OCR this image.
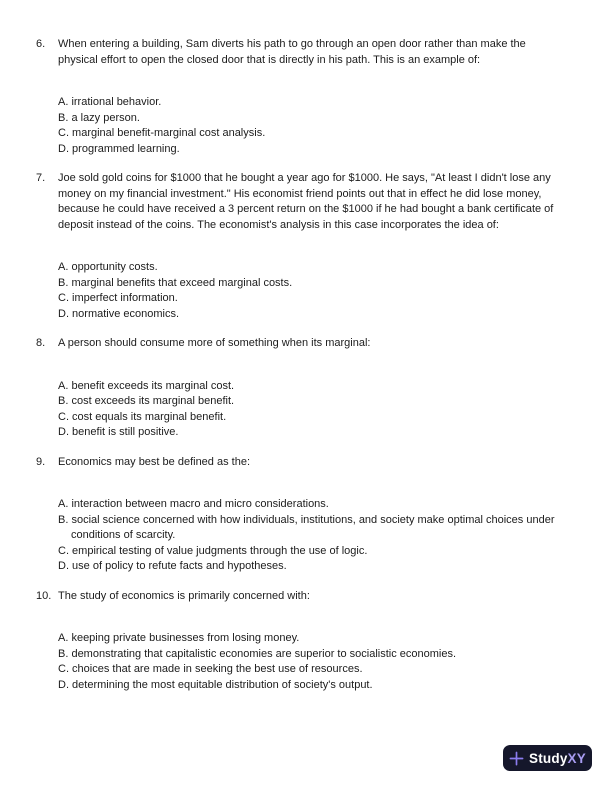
6.	When entering a building, Sam diverts his path to go through an open door rather than make the physical effort to open the closed door that is directly in his path. This is an example of:
A. irrational behavior.
B. a lazy person.
C. marginal benefit-marginal cost analysis.
D. programmed learning.
7.	Joe sold gold coins for $1000 that he bought a year ago for $1000. He says, "At least I didn't lose any money on my financial investment." His economist friend points out that in effect he did lose money, because he could have received a 3 percent return on the $1000 if he had bought a bank certificate of deposit instead of the coins. The economist's analysis in this case incorporates the idea of:
A. opportunity costs.
B. marginal benefits that exceed marginal costs.
C. imperfect information.
D. normative economics.
8.	A person should consume more of something when its marginal:
A. benefit exceeds its marginal cost.
B. cost exceeds its marginal benefit.
C. cost equals its marginal benefit.
D. benefit is still positive.
9.	Economics may best be defined as the:
A. interaction between macro and micro considerations.
B. social science concerned with how individuals, institutions, and society make optimal choices under conditions of scarcity.
C. empirical testing of value judgments through the use of logic.
D. use of policy to refute facts and hypotheses.
10. The study of economics is primarily concerned with:
A. keeping private businesses from losing money.
B. demonstrating that capitalistic economies are superior to socialistic economies.
C. choices that are made in seeking the best use of resources.
D. determining the most equitable distribution of society's output.
StudyXY
